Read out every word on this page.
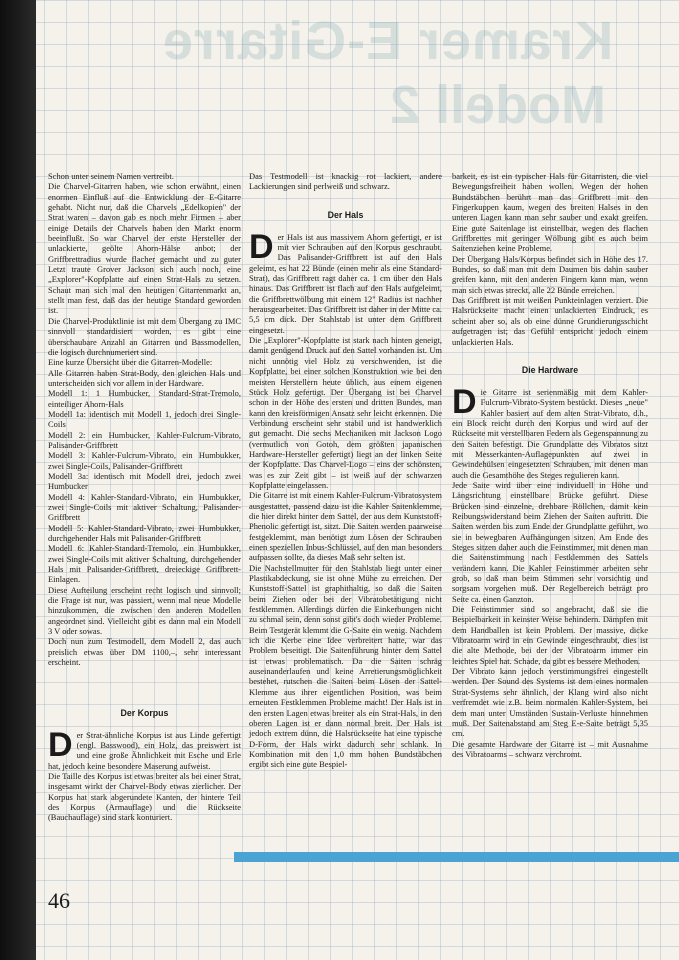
Kramer E-Gitarre
Modell 2

Schon unter seinem Namen vertreibt.

Die Charvel-Gitarren haben, wie schon erwähnt, einen enormen Einfluß auf die Entwicklung der E-Gitarre gehabt. Nicht nur, daß die Charvels „Edelkopien" der Strat waren – davon gab es noch mehr Firmen – aber einige Details der Charvels haben den Markt enorm beeinflußt. So war Charvel der erste Hersteller der unlackierte, geölte Ahorn-Hälse anbot; der Griffbrettradius wurde flacher gemacht und zu guter Letzt traute Grover Jackson sich auch noch, eine „Explorer"-Kopfplatte auf einen Strat-Hals zu setzen. Schaut man sich mal den heutigen Gitarrenmarkt an, stellt man fest, daß das der heutige Standard geworden ist.

Die Charvel-Produktlinie ist mit dem Übergang zu IMC sinnvoll standardisiert worden, es gibt eine überschaubare Anzahl an Gitarren und Bassmodellen, die logisch durchnumeriert sind.

Eine kurze Übersicht über die Gitarren-Modelle:

Alle Gitarren haben Strat-Body, den gleichen Hals und unterscheiden sich vor allem in der Hardware.

Modell 1: 1 Humbucker, Standard-Strat-Tremolo, einteiliger Ahorn-Hals

Modell 1a: identisch mit Modell 1, jedoch drei Single-Coils

Modell 2: ein Humbucker, Kahler-Fulcrum-Vibrato, Palisander-Griffbrett

Modell 3: Kahler-Fulcrum-Vibrato, ein Humbukker, zwei Single-Coils, Palisander-Griffbrett

Modell 3a: identisch mit Modell drei, jedoch zwei Humbucker

Modell 4: Kahler-Standard-Vibrato, ein Humbukker, zwei Single-Coils mit aktiver Schaltung, Palisander-Griffbrett

Modell 5: Kahler-Standard-Vibrato, zwei Humbukker, durchgehender Hals mit Palisander-Griffbrett

Modell 6: Kahler-Standard-Tremolo, ein Humbukker, zwei Single-Coils mit aktiver Schaltung, durchgehender Hals mit Palisander-Griffbrett, dreieckige Griffbrett-Einlagen.

Diese Aufteilung erscheint recht logisch und sinnvoll; die Frage ist nur, was passiert, wenn mal neue Modelle hinzukommen, die zwischen den anderen Modellen angeordnet sind. Vielleicht gibt es dann mal ein Modell 3 V oder sowas.

Doch nun zum Testmodell, dem Modell 2, das auch preislich etwas über DM 1100,–, sehr interessant erscheint.

Der Korpus

Der Strat-ähnliche Korpus ist aus Linde gefertigt (engl. Basswood), ein Holz, das preiswert ist und eine große Ähnlichkeit mit Esche und Erle hat, jedoch keine besondere Maserung aufweist.

Die Taille des Korpus ist etwas breiter als bei einer Strat, insgesamt wirkt der Charvel-Body etwas zierlicher. Der Korpus hat stark abgerundete Kanten, der hintere Teil des Korpus (Armauflage) und die Rückseite (Bauchauflage) sind stark konturiert.

Das Testmodell ist knackig rot lackiert, andere Lackierungen sind perlweiß und schwarz.

Der Hals

Der Hals ist aus massivem Ahorn gefertigt, er ist mit vier Schrauben auf den Korpus geschraubt. Das Palisander-Griffbrett ist auf den Hals geleimt, es hat 22 Bünde (einen mehr als eine Standard-Strat), das Griffbrett ragt daher ca. 1 cm über den Hals hinaus. Das Griffbrett ist flach auf den Hals aufgeleimt, die Griffbrettwölbung mit einem 12" Radius ist nachher herausgearbeitet. Das Griffbrett ist daher in der Mitte ca. 5,5 cm dick. Der Stahlstab ist unter dem Griffbrett eingesetzt.

Die „Explorer"-Kopfplatte ist stark nach hinten geneigt, damit genügend Druck auf den Sattel vorhanden ist. Um nicht unnötig viel Holz zu verschwenden, ist die Kopfplatte, bei einer solchen Konstruktion wie bei den meisten Herstellern heute üblich, aus einem eigenen Stück Holz gefertigt. Der Übergang ist bei Charvel schon in der Höhe des ersten und dritten Bundes, man kann den kreisförmigen Ansatz sehr leicht erkennen. Die Verbindung erscheint sehr stabil und ist handwerklich gut gemacht. Die sechs Mechaniken mit Jackson Logo (vermutlich von Gotoh, dem größten japanischen Hardware-Hersteller gefertigt) liegt an der linken Seite der Kopfplatte. Das Charvel-Logo – eins der schönsten, was es zur Zeit gibt – ist weiß auf der schwarzen Kopfplatte eingelassen.

Die Gitarre ist mit einem Kahler-Fulcrum-Vibratosystem ausgestattet, passend dazu ist die Kahler Saitenklemme, die hier direkt hinter dem Sattel, der aus dem Kunststoff-Phenolic gefertigt ist, sitzt. Die Saiten werden paarweise festgeklemmt, man benötigt zum Lösen der Schrauben einen speziellen Inbus-Schlüssel, auf den man besonders aufpassen sollte, da dieses Maß sehr selten ist.

Die Nachstellmutter für den Stahlstab liegt unter einer Plastikabdeckung, sie ist ohne Mühe zu erreichen. Der Kunststoff-Sattel ist graphithaltig, so daß die Saiten beim Ziehen oder bei der Vibratobetätigung nicht festklemmen. Allerdings dürfen die Einkerbungen nicht zu schmal sein, denn sonst gibt's doch wieder Probleme. Beim Testgerät klemmt die G-Saite ein wenig. Nachdem ich die Kerbe eine Idee verbreitert hatte, war das Problem beseitigt. Die Saitenführung hinter dem Sattel ist etwas problematisch. Da die Saiten schräg auseinanderlaufen und keine Arretierungsmöglichkeit bestehet, rutschen die Saiten beim Lösen der Sattel-Klemme aus ihrer eigentlichen Position, was beim erneuten Festklemmen Probleme macht! Der Hals ist in den ersten Lagen etwas breiter als ein Strat-Hals, in den oberen Lagen ist er dann normal breit. Der Hals ist jedoch extrem dünn, die Halsrückseite hat eine typische D-Form, der Hals wirkt dadurch sehr schlank. In Kombination mit den 1,0 mm hohen Bundstäbchen ergibt sich eine gute Bespiel-

barkeit, es ist ein typischer Hals für Gitarristen, die viel Bewegungsfreiheit haben wollen. Wegen der hohen Bundstäbchen berührt man das Griffbrett mit den Fingerkuppen kaum, wegen des breiten Halses in den unteren Lagen kann man sehr sauber und exakt greifen. Eine gute Saitenlage ist einstellbar, wegen des flachen Griffbrettes mit geringer Wölbung gibt es auch beim Saitenziehen keine Probleme.

Der Übergang Hals/Korpus befindet sich in Höhe des 17. Bundes, so daß man mit dem Daumen bis dahin sauber greifen kann, mit den anderen Fingern kann man, wenn man sich etwas streckt, alle 22 Bünde erreichen.

Das Griffbrett ist mit weißen Punkteinlagen verziert. Die Halsrückseite macht einen unlackierten Eindruck, es scheint aber so, als ob eine dünne Grundierungsschicht aufgetragen ist; das Gefühl entspricht jedoch einem unlackierten Hals.

Die Hardware

Die Gitarre ist serienmäßig mit dem Kahler-Fulcrum-Vibrato-System bestückt. Dieses „neue" Kahler basiert auf dem alten Strat-Vibrato, d.h., ein Block reicht durch den Korpus und wird auf der Rückseite mit verstellbaren Federn als Gegenspannung zu den Saiten befestigt. Die Grundplatte des Vibratos sitzt mit Messerkanten-Auflagepunkten auf zwei in Gewindehülsen eingesetzten Schrauben, mit denen man auch die Gesamthöhe des Steges regulieren kann.

Jede Saite wird über eine individuell in Höhe und Längsrichtung einstellbare Brücke geführt. Diese Brücken sind einzelne, drehbare Röllchen, damit kein Reibungswiderstand beim Ziehen der Saiten auftritt. Die Saiten werden bis zum Ende der Grundplatte geführt, wo sie in bewegbaren Aufhängungen sitzen. Am Ende des Steges sitzen daher auch die Feinstimmer, mit denen man die Saitenstimmung nach Festklemmen des Sattels verändern kann. Die Kahler Feinstimmer arbeiten sehr grob, so daß man beim Stimmen sehr vorsichtig und sorgsam vorgehen muß. Der Regelbereich beträgt pro Seite ca. einen Ganzton.

Die Feinstimmer sind so angebracht, daß sie die Bespielbarkeit in keinster Weise behindern. Dämpfen mit dem Handballen ist kein Problem. Der massive, dicke Vibratoarm wird in ein Gewinde eingeschraubt, dies ist die alte Methode, bei der der Vibratoarm immer ein leichtes Spiel hat. Schade, da gibt es bessere Methoden.

Der Vibrato kann jedoch verstimmungsfrei eingestellt werden. Der Sound des Systems ist dem eines normalen Strat-Systems sehr ähnlich, der Klang wird also nicht verfremdet wie z.B. beim normalen Kahler-System, bei dem man unter Umständen Sustain-Verluste hinnehmen muß. Der Saitenabstand am Steg E-e-Saite beträgt 5,35 cm.

Die gesamte Hardware der Gitarre ist – mit Ausnahme des Vibratoarms – schwarz verchromt.

46
